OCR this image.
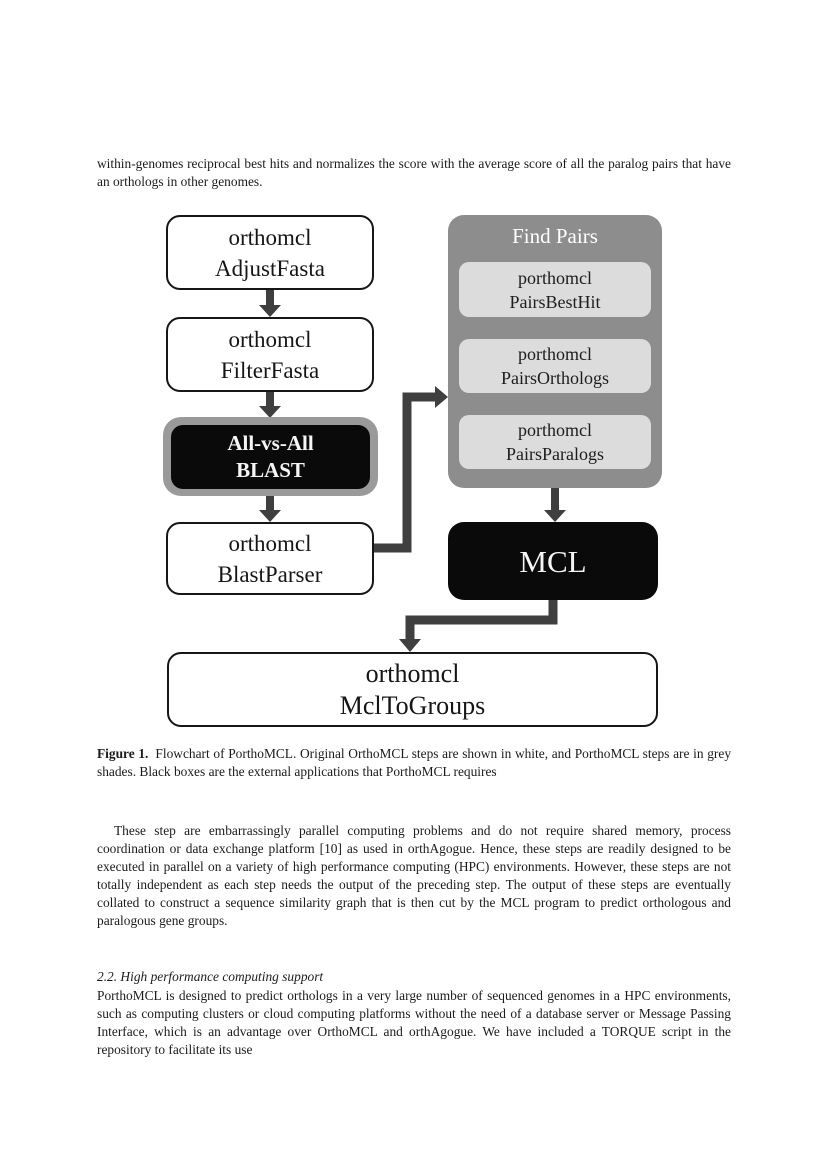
within-genomes reciprocal best hits and normalizes the score with the average score of all the paralog pairs that have an orthologs in other genomes.

orthomcl
AdjustFasta
orthomcl
FilterFasta
All-vs-All
BLAST
orthomcl
BlastParser
Find Pairs
porthomcl
PairsBestHit
porthomcl
PairsOrthologs
porthomcl
PairsParalogs
MCL
orthomcl
MclToGroups

Figure 1. Flowchart of PorthoMCL. Original OrthoMCL steps are shown in white, and PorthoMCL steps are in grey shades. Black boxes are the external applications that PorthoMCL requires

These step are embarrassingly parallel computing problems and do not require shared memory, process coordination or data exchange platform [10] as used in orthAgogue. Hence, these steps are readily designed to be executed in parallel on a variety of high performance computing (HPC) environments. However, these steps are not totally independent as each step needs the output of the preceding step. The output of these steps are eventually collated to construct a sequence similarity graph that is then cut by the MCL program to predict orthologous and paralogous gene groups.

2.2. High performance computing support

PorthoMCL is designed to predict orthologs in a very large number of sequenced genomes in a HPC environments, such as computing clusters or cloud computing platforms without the need of a database server or Message Passing Interface, which is an advantage over OrthoMCL and orthAgogue. We have included a TORQUE script in the repository to facilitate its use
